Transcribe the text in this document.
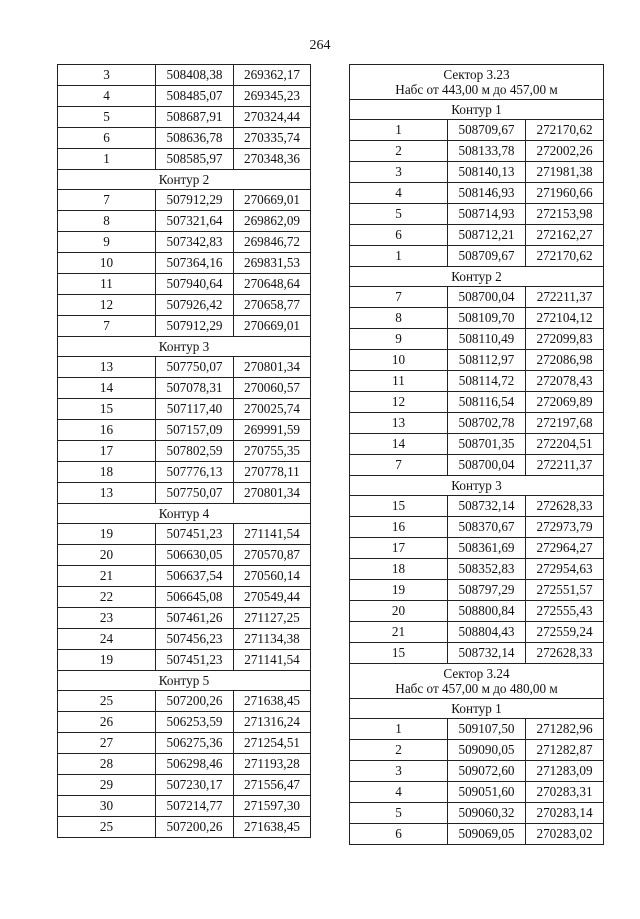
264
3	508408,38	269362,17
4	508485,07	269345,23
5	508687,91	270324,44
6	508636,78	270335,74
1	508585,97	270348,36
Контур 2		
7	507912,29	270669,01
8	507321,64	269862,09
9	507342,83	269846,72
10	507364,16	269831,53
11	507940,64	270648,64
12	507926,42	270658,77
7	507912,29	270669,01
Контур 3		
13	507750,07	270801,34
14	507078,31	270060,57
15	507117,40	270025,74
16	507157,09	269991,59
17	507802,59	270755,35
18	507776,13	270778,11
13	507750,07	270801,34
Контур 4		
19	507451,23	271141,54
20	506630,05	270570,87
21	506637,54	270560,14
22	506645,08	270549,44
23	507461,26	271127,25
24	507456,23	271134,38
19	507451,23	271141,54
Контур 5		
25	507200,26	271638,45
26	506253,59	271316,24
27	506275,36	271254,51
28	506298,46	271193,28
29	507230,17	271556,47
30	507214,77	271597,30
25	507200,26	271638,45
Сектор 3.23
Набс от 443,00 м до 457,00 м		

Контур 1		
1	508709,67	272170,62
2	508133,78	272002,26
3	508140,13	271981,38
4	508146,93	271960,66
5	508714,93	272153,98
6	508712,21	272162,27
1	508709,67	272170,62
Контур 2		
7	508700,04	272211,37
8	508109,70	272104,12
9	508110,49	272099,83
10	508112,97	272086,98
11	508114,72	272078,43
12	508116,54	272069,89
13	508702,78	272197,68
14	508701,35	272204,51
7	508700,04	272211,37
Контур 3		
15	508732,14	272628,33
16	508370,67	272973,79
17	508361,69	272964,27
18	508352,83	272954,63
19	508797,29	272551,57
20	508800,84	272555,43
21	508804,43	272559,24
15	508732,14	272628,33

Сектор 3.24
Набс от 457,00 м до 480,00 м		

Контур 1		
1	509107,50	271282,96
2	509090,05	271282,87
3	509072,60	271283,09
4	509051,60	270283,31
5	509060,32	270283,14
6	509069,05	270283,02
